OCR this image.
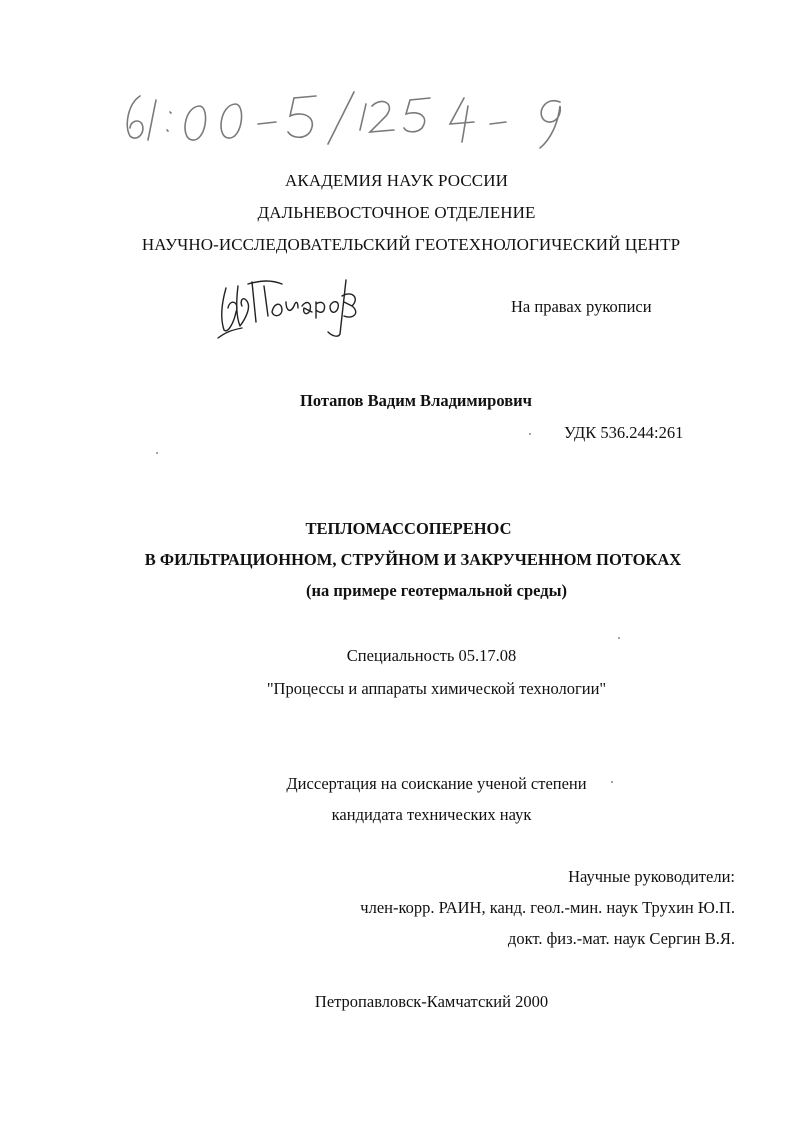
АКАДЕМИЯ НАУК РОССИИ
ДАЛЬНЕВОСТОЧНОЕ ОТДЕЛЕНИЕ
НАУЧНО-ИССЛЕДОВАТЕЛЬСКИЙ ГЕОТЕХНОЛОГИЧЕСКИЙ ЦЕНТР
На правах рукописи
Потапов Вадим Владимирович
УДК 536.244:261
ТЕПЛОМАССОПЕРЕНОС
В ФИЛЬТРАЦИОННОМ, СТРУЙНОМ И ЗАКРУЧЕННОМ ПОТОКАХ
(на примере геотермальной среды)
Специальность 05.17.08
"Процессы и аппараты химической технологии"
Диссертация на соискание ученой степени
кандидата технических наук
Научные руководители:
член-корр. РАИН, канд. геол.-мин. наук Трухин Ю.П.
докт. физ.-мат. наук Сергин В.Я.
Петропавловск-Камчатский 2000
